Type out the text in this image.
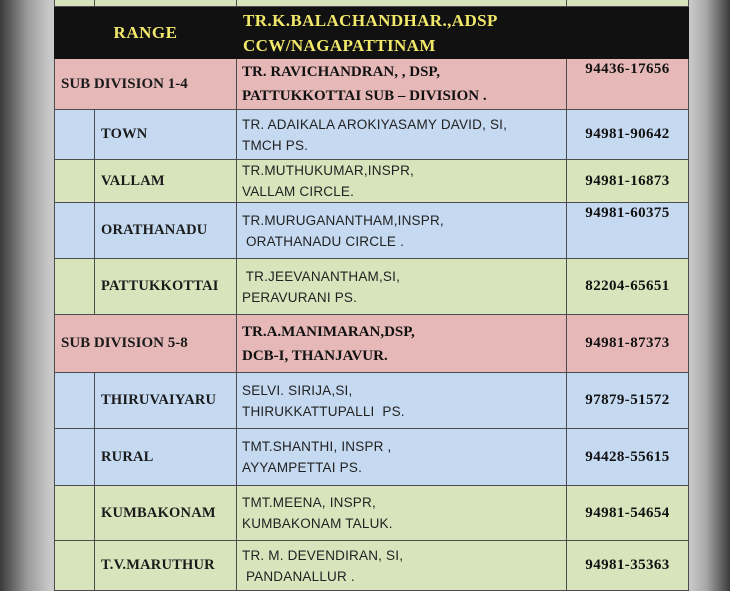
RANGE		TR.K.BALACHANDHAR.,ADSP
CCW/NAGAPATTINAM	

SUB DIVISION 1-4		TR. RAVICHANDRAN, , DSP,
PATTUKKOTTAI SUB – DIVISION .	94436-17656
	TOWN	TR. ADAIKALA AROKIYASAMY DAVID, SI,
TMCH PS.	94981-90642
	VALLAM	TR.MUTHUKUMAR,INSPR,
VALLAM CIRCLE.	94981-16873
	ORATHANADU	TR.MURUGANANTHAM,INSPR,
ORATHANADU CIRCLE .	94981-60375
	PATTUKKOTTAI	TR.JEEVANANTHAM,SI,
PERAVURANI PS.	82204-65651
SUB DIVISION 5-8		TR.A.MANIMARAN,DSP,
DCB-I, THANJAVUR.	94981-87373
	THIRUVAIYARU	SELVI. SIRIJA,SI,
THIRUKKATTUPALLI  PS.	97879-51572
	RURAL	TMT.SHANTHI, INSPR ,
AYYAMPETTAI PS.	94428-55615
	KUMBAKONAM	TMT.MEENA, INSPR,
KUMBAKONAM TALUK.	94981-54654
	T.V.MARUTHUR	TR. M. DEVENDIRAN, SI,
PANDANALLUR .	94981-35363
